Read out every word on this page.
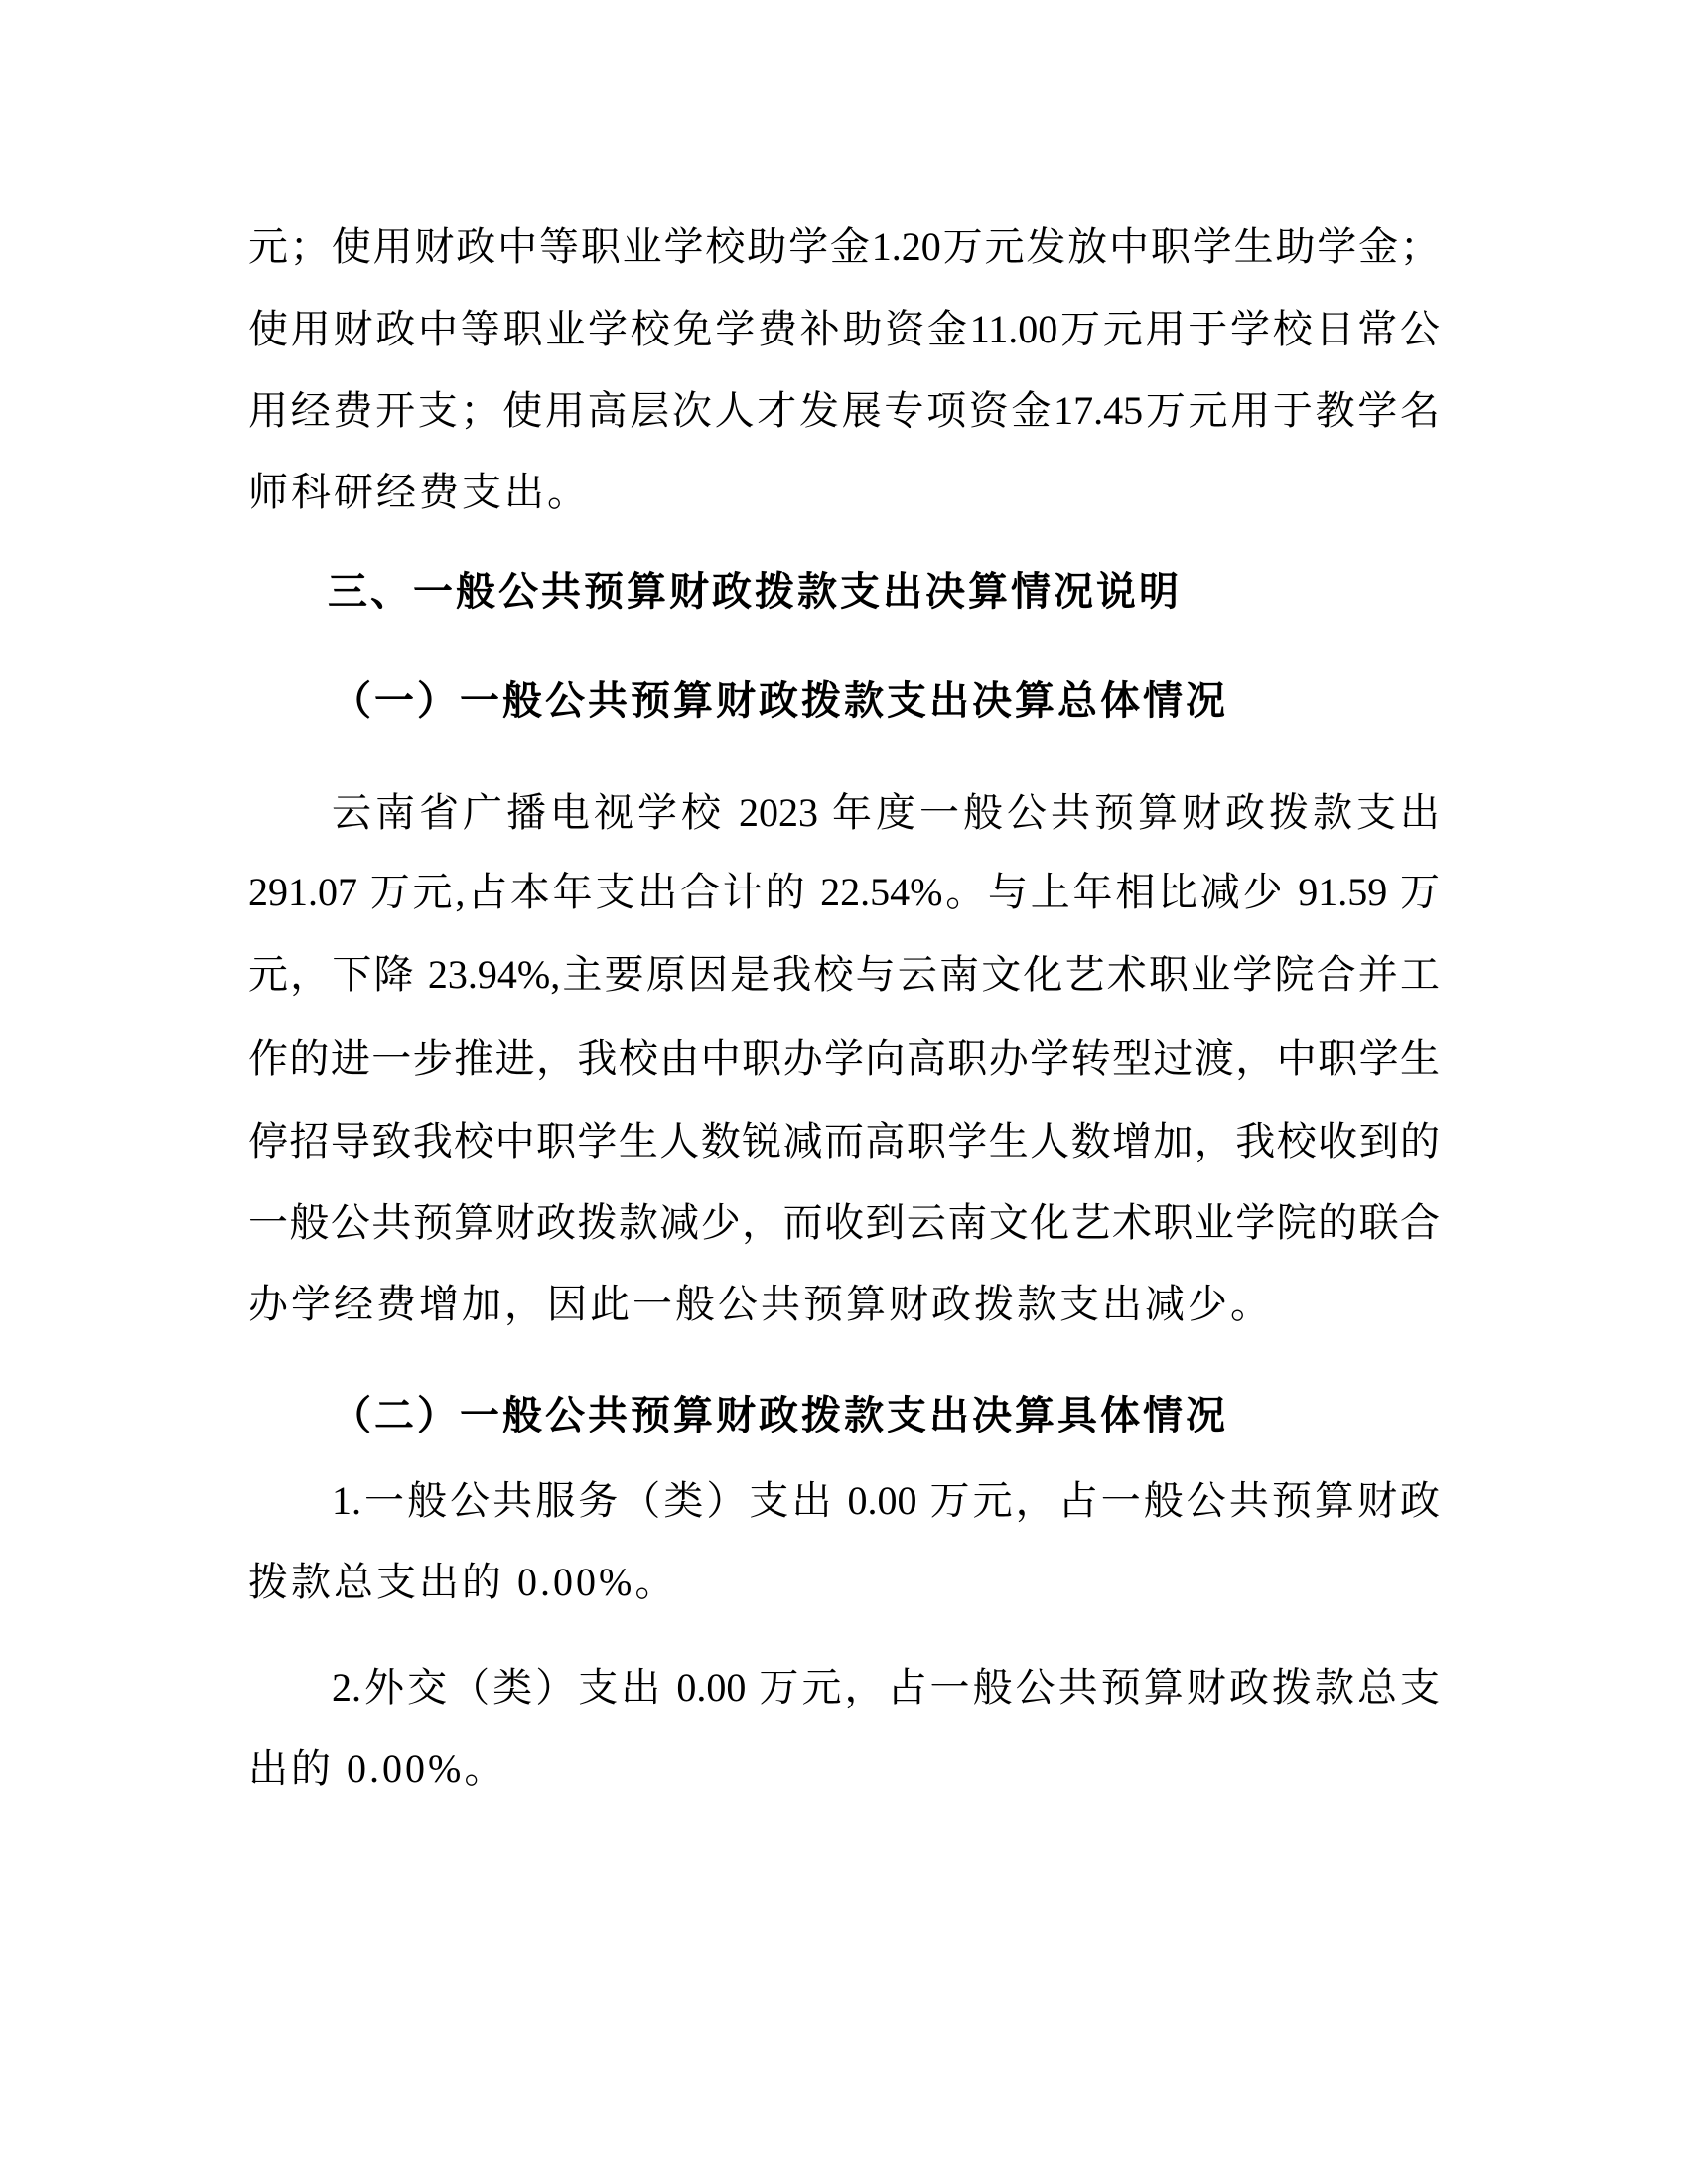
元；使用财政中等职业学校助学金1.20万元发放中职学生助学金；
使用财政中等职业学校免学费补助资金11.00万元用于学校日常公
用经费开支；使用高层次人才发展专项资金17.45万元用于教学名
师科研经费支出。
三、一般公共预算财政拨款支出决算情况说明
（一）一般公共预算财政拨款支出决算总体情况
云南省广播电视学校 2023 年度一般公共预算财政拨款支出
291.07 万元,占本年支出合计的 22.54%。与上年相比减少 91.59 万
元，下降 23.94%,主要原因是我校与云南文化艺术职业学院合并工
作的进一步推进，我校由中职办学向高职办学转型过渡，中职学生
停招导致我校中职学生人数锐减而高职学生人数增加，我校收到的
一般公共预算财政拨款减少，而收到云南文化艺术职业学院的联合
办学经费增加，因此一般公共预算财政拨款支出减少。
（二）一般公共预算财政拨款支出决算具体情况
1.一般公共服务（类）支出 0.00 万元，占一般公共预算财政
拨款总支出的 0.00%。
2.外交（类）支出 0.00 万元，占一般公共预算财政拨款总支
出的 0.00%。
